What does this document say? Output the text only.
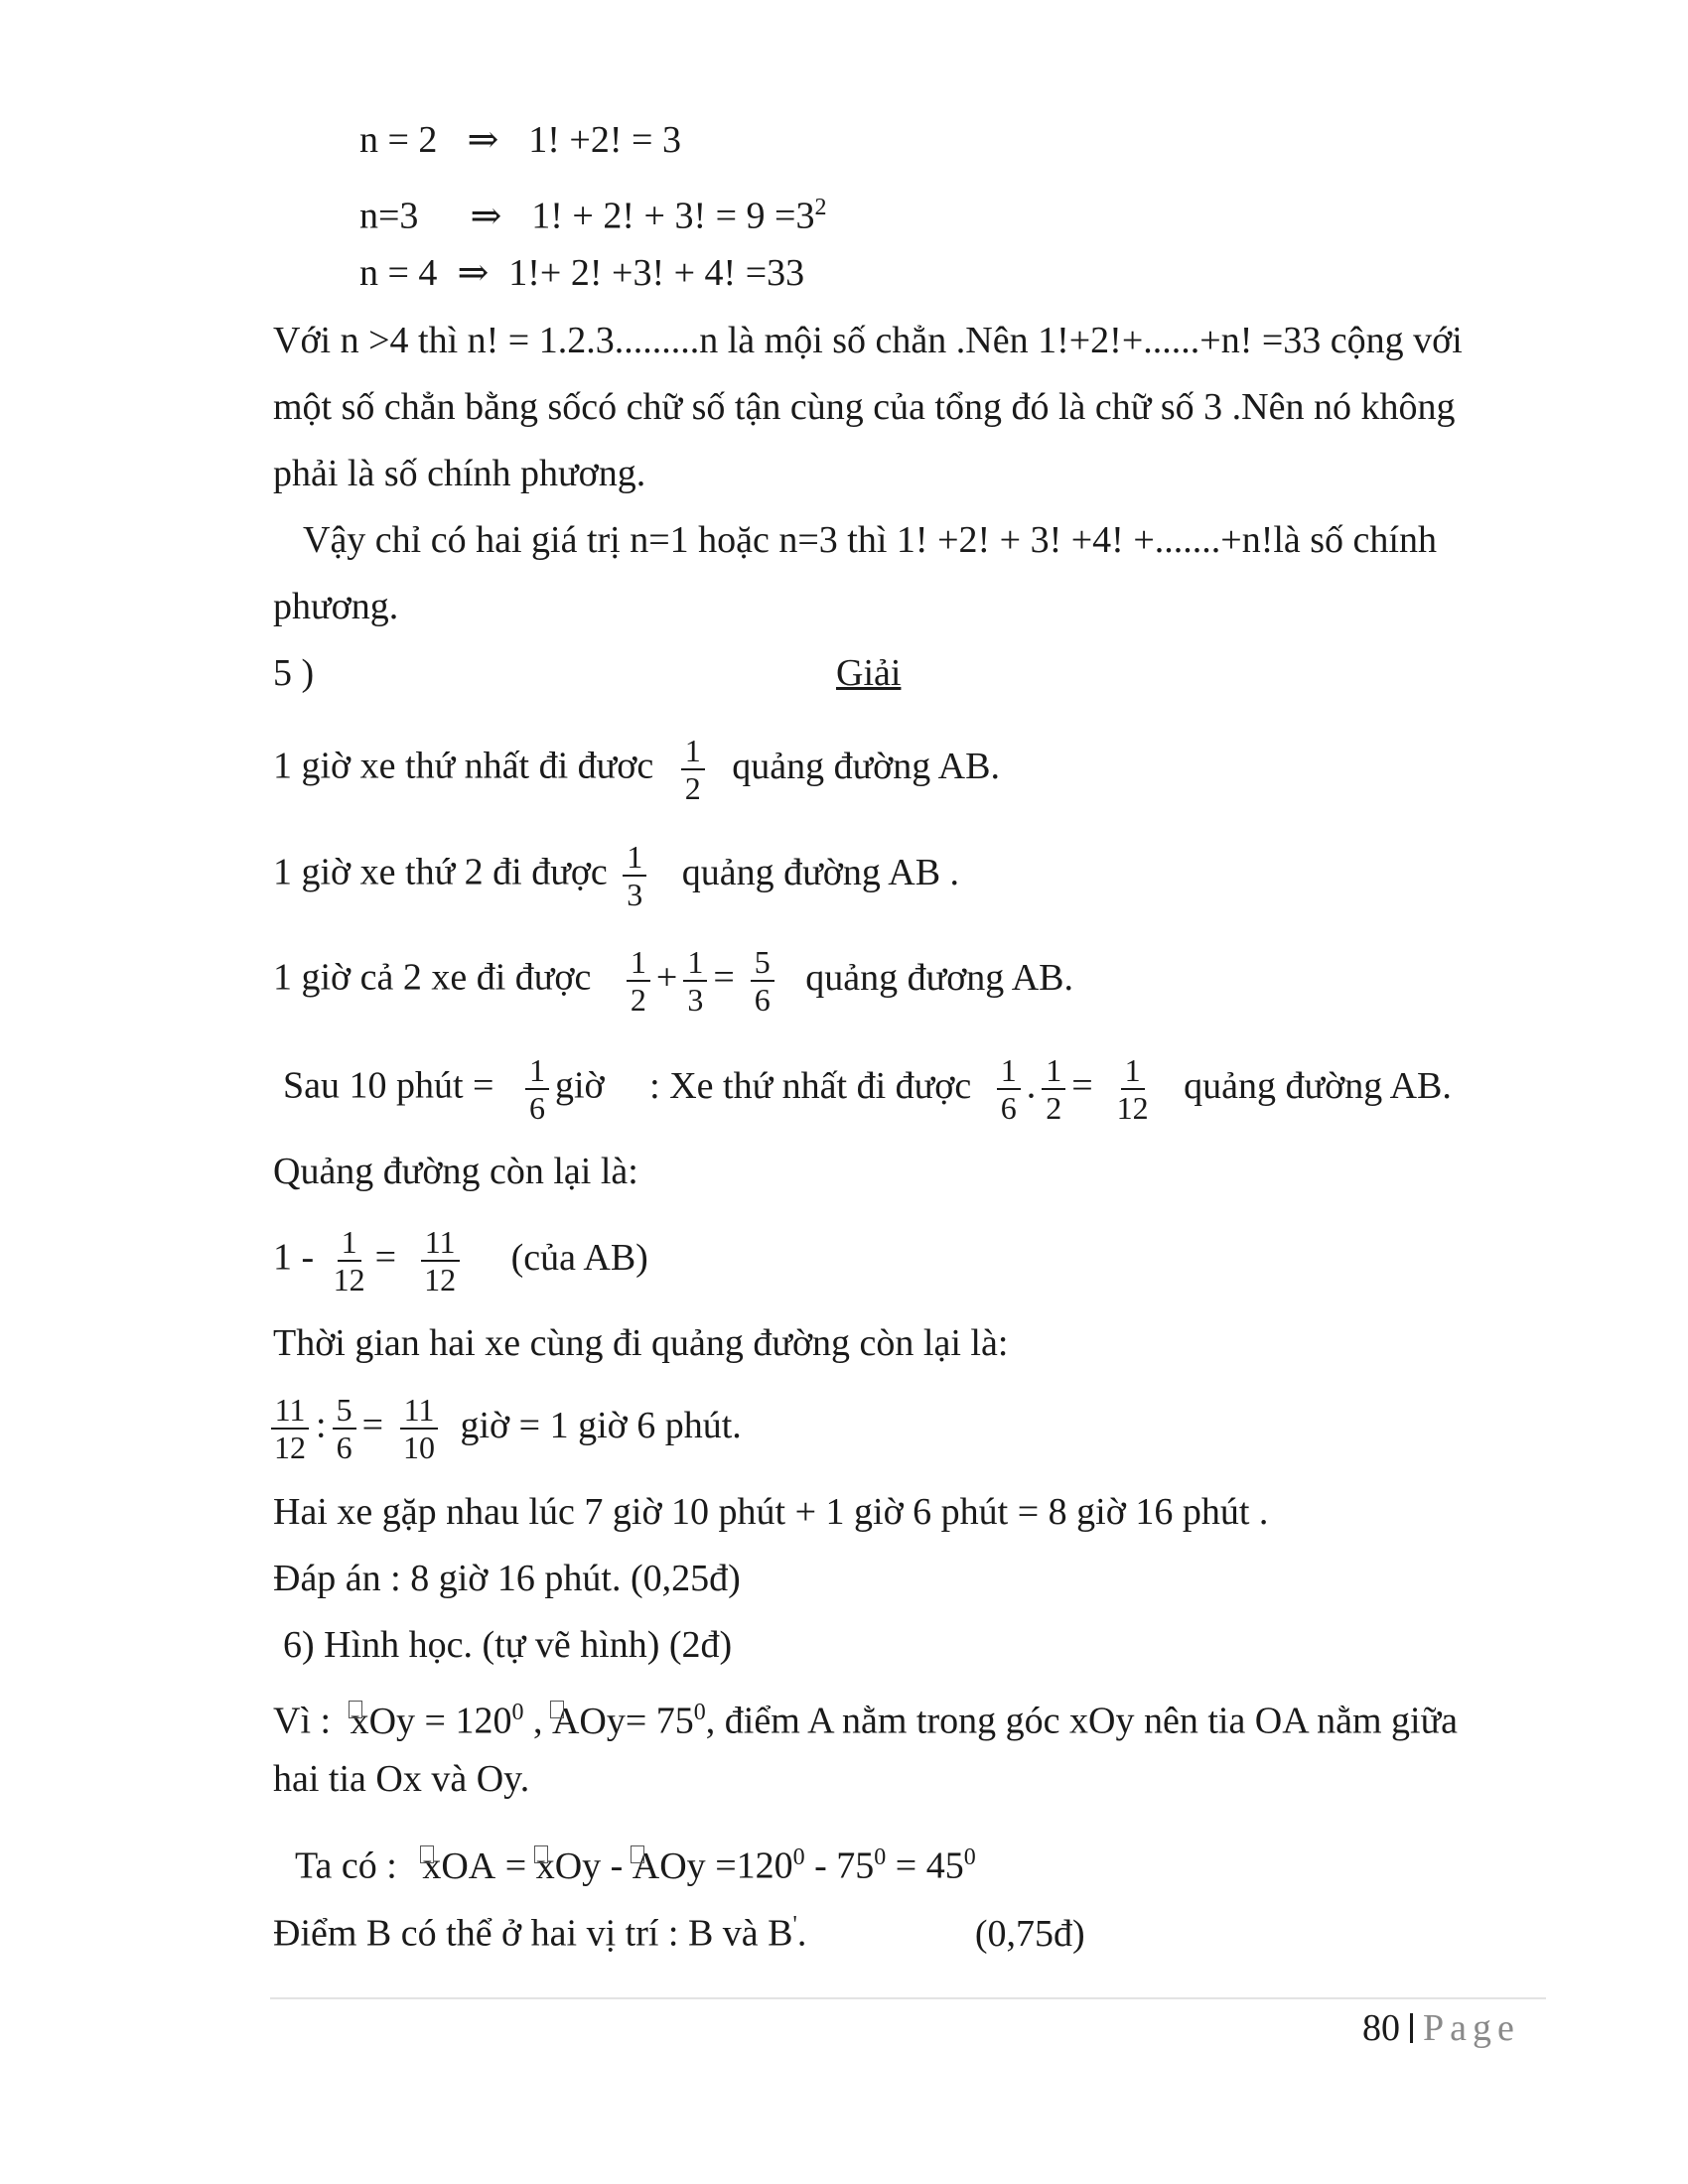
n = 2 ⇒ 1! +2! = 3
n=3 ⇒ 1! + 2! + 3! = $9 =3^2$
n = 4 ⇒ 1!+ 2! +3! + 4! =33
Với n >4 thì n! = 1.2.3.........n là mội số chẳn .Nên 1!+2!+......+n! =33 cộng với
một số chẳn bằng sốcó chữ số tận cùng của tổng đó là chữ số 3 .Nên nó không
phải là số chính phương.
Vậy chỉ có hai giá trị n=1 hoặc n=3 thì 1! +2! + 3! +4! +.......+n!là số chính
phương.
5 )	Giải
1 giờ xe thứ nhất đi đươc $\frac{1}{2}$ quảng đường AB.
1 giờ xe thứ 2 đi được $\frac{1}{3}$ quảng đường AB .
1 giờ cả 2 xe đi được $\frac{1}{2} + \frac{1}{3} = \frac{5}{6}$ quảng đương AB.
Sau 10 phút = $\frac{1}{6}$ giờ : Xe thứ nhất đi được $\frac{1}{6}$ . $\frac{1}{2} = \frac{1}{12}$ quảng đường AB.
Quảng đường còn lại là:
$1 - \frac{1}{12} = \frac{11}{12}$ (của AB)
Thời gian hai xe cùng đi quảng đường còn lại là:
$\frac{11}{12}$ : $\frac{5}{6} = \frac{11}{10}$ giờ = 1 giờ 6 phút.
Hai xe gặp nhau lúc 7 giờ 10 phút + 1 giờ 6 phút = 8 giờ 16 phút .
Đáp án : 8 giờ 16 phút. (0,25đ)
6) Hình học. (tự vẽ hình) (2đ)
Vì : xOy = $120^0$ , $AOy= 75^0$, điểm A nằm trong góc xOy nên tia OA nằm giữa
hai tia Ox và Oy.
Ta có : xOA = xOy - AOy $=120^0 - 75^0 = 45^0$
Điểm B có thể ở hai vị trí : B và B'.	(0,75đ)
80 Page
